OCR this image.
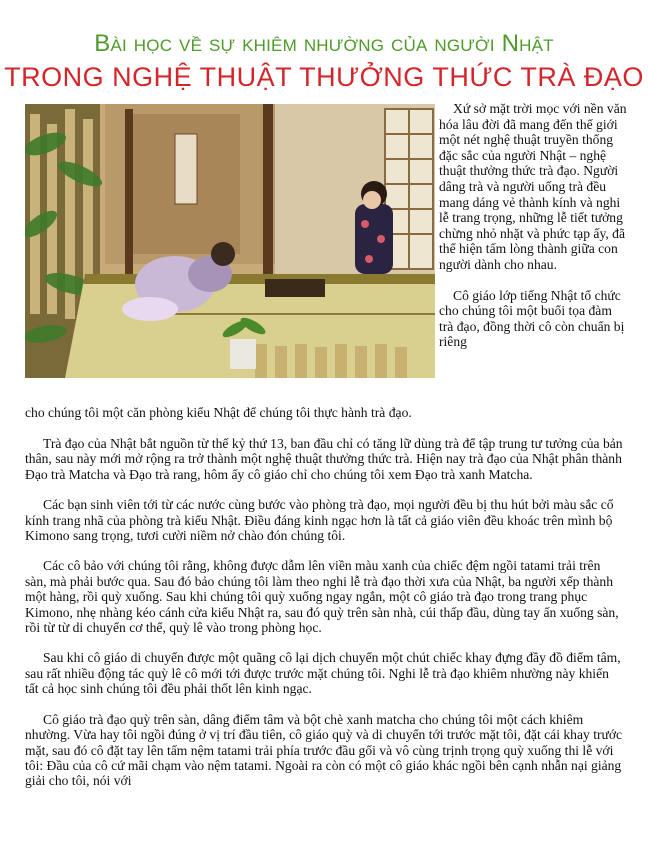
Bài học về sự khiêm nhường của người Nhật
TRONG NGHỆ THUẬT THƯỞNG THỨC TRÀ ĐẠO

Xứ sở mặt trời mọc với nền văn hóa lâu đời đã mang đến thế giới một nét nghệ thuật truyền thống đặc sắc của người Nhật – nghệ thuật thưởng thức trà đạo. Người dâng trà và người uống trà đều mang dáng vẻ thành kính và nghi lễ trang trọng, những lễ tiết tưởng chừng nhỏ nhặt và phức tạp ấy, đã thể hiện tấm lòng thành giữa con người dành cho nhau.

Cô giáo lớp tiếng Nhật tổ chức cho chúng tôi một buổi tọa đàm trà đạo, đồng thời cô còn chuẩn bị riêng

cho chúng tôi một căn phòng kiểu Nhật để chúng tôi thực hành trà đạo.

Trà đạo của Nhật bắt nguồn từ thế kỷ thứ 13, ban đầu chỉ có tăng lữ dùng trà để tập trung tư tưởng của bản thân, sau này mới mở rộng ra trở thành một nghệ thuật thưởng thức trà. Hiện nay trà đạo của Nhật phân thành Đạo trà Matcha và Đạo trà rang, hôm ấy cô giáo chỉ cho chúng tôi xem Đạo trà xanh Matcha.

Các bạn sinh viên tới từ các nước cùng bước vào phòng trà đạo, mọi người đều bị thu hút bởi màu sắc cổ kính trang nhã của phòng trà kiểu Nhật. Điều đáng kinh ngạc hơn là tất cả giáo viên đều khoác trên mình bộ Kimono sang trọng, tươi cười niềm nở chào đón chúng tôi.

Các cô bảo với chúng tôi rằng, không được dẫm lên viền màu xanh của chiếc đệm ngồi tatami trải trên sàn, mà phải bước qua. Sau đó bảo chúng tôi làm theo nghi lễ trà đạo thời xưa của Nhật, ba người xếp thành một hàng, rồi quỳ xuống. Sau khi chúng tôi quỳ xuống ngay ngắn, một cô giáo trà đạo trong trang phục Kimono, nhẹ nhàng kéo cánh cửa kiểu Nhật ra, sau đó quỳ trên sàn nhà, cúi thấp đầu, dùng tay ấn xuống sàn, rồi từ từ di chuyển cơ thể, quỳ lê vào trong phòng học.

Sau khi cô giáo di chuyển được một quãng cô lại dịch chuyển một chút chiếc khay đựng đầy đồ điểm tâm, sau rất nhiều động tác quỳ lê cô mới tới được trước mặt chúng tôi. Nghi lễ trà đạo khiêm nhường này khiến tất cả học sinh chúng tôi đều phải thốt lên kinh ngạc.

Cô giáo trà đạo quỳ trên sàn, dâng điểm tâm và bột chè xanh matcha cho chúng tôi một cách khiêm nhường. Vừa hay tôi ngồi đúng ở vị trí đầu tiên, cô giáo quỳ và di chuyển tới trước mặt tôi, đặt cái khay trước mặt, sau đó cô đặt tay lên tấm nệm tatami trải phía trước đầu gối và vô cùng trịnh trọng quỳ xuống thi lễ với tôi: Đầu của cô cứ mãi chạm vào nệm tatami. Ngoài ra còn có một cô giáo khác ngồi bên cạnh nhẫn nại giảng giải cho tôi, nói với
